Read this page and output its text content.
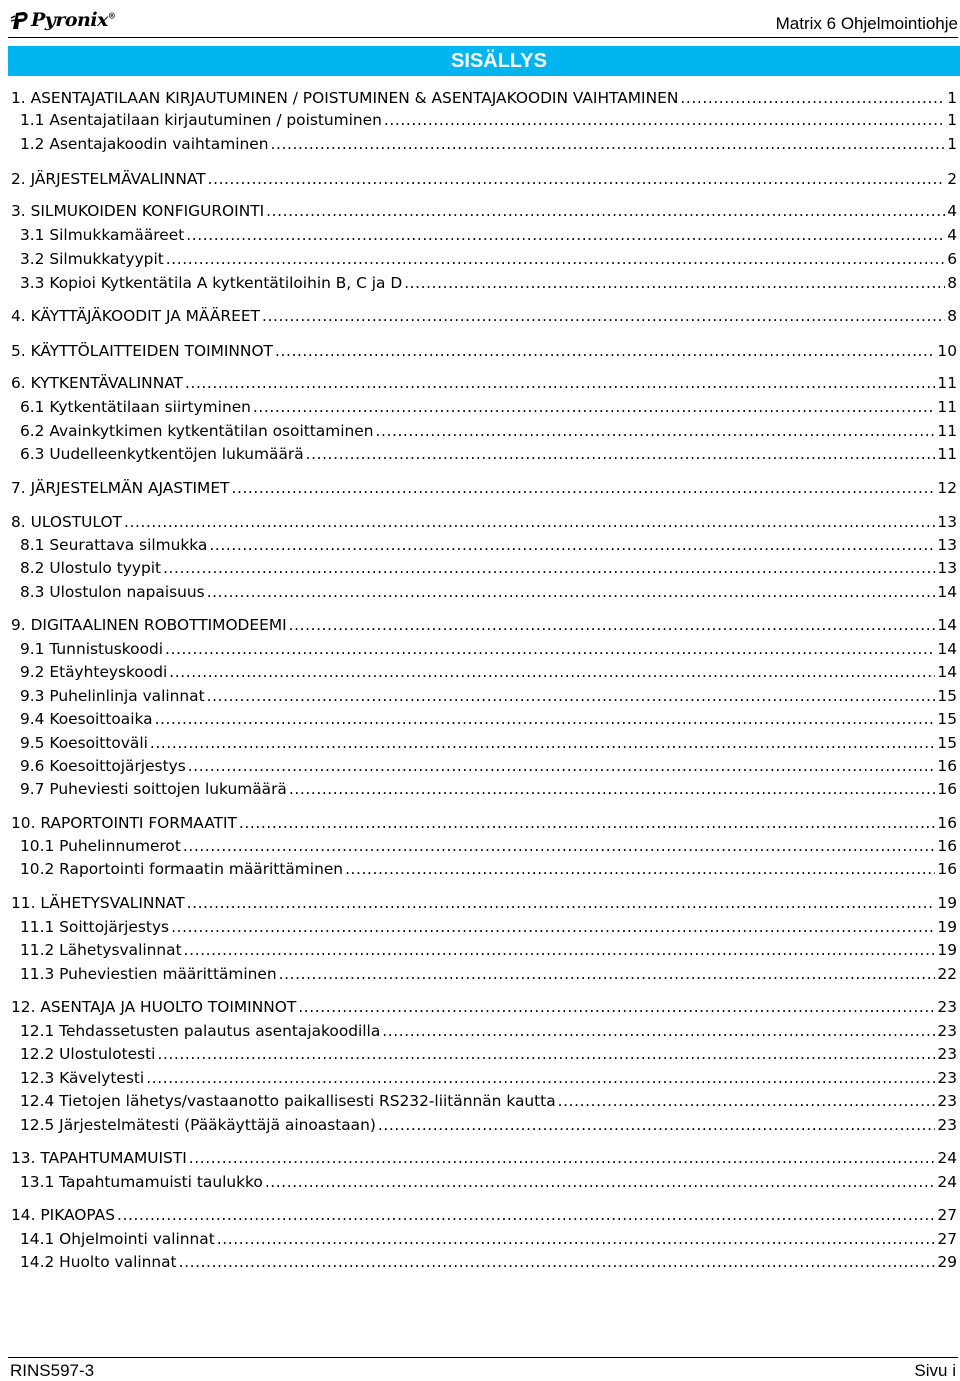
Pyronix®	Matrix 6 Ohjelmointiohje
SISÄLLYS
1. ASENTAJATILAAN KIRJAUTUMINEN / POISTUMINEN & ASENTAJAKOODIN VAIHTAMINEN .....	1
1.1 Asentajatilaan kirjautuminen / poistuminen .....	1
1.2 Asentajakoodin vaihtaminen .....	1
2. JÄRJESTELMÄVALINNAT .....	2
3. SILMUKOIDEN KONFIGUROINTI .....	4
3.1 Silmukkamääreet .....	4
3.2 Silmukkatyypit .....	6
3.3 Kopioi Kytkentätila A kytkentätiloihin B, C ja D .....	8
4. KÄYTTÄJÄKOODIT JA MÄÄREET .....	8
5. KÄYTTÖLAITTEIDEN TOIMINNOT .....	10
6. KYTKENTÄVALINNAT .....	11
6.1 Kytkentätilaan siirtyminen .....	11
6.2 Avainkytkimen kytkentätilan osoittaminen .....	11
6.3 Uudelleenkytkentöjen lukumäärä .....	11
7. JÄRJESTELMÄN AJASTIMET .....	12
8. ULOSTULOT .....	13
8.1 Seurattava silmukka .....	13
8.2 Ulostulo tyypit .....	13
8.3 Ulostulon napaisuus .....	14
9. DIGITAALINEN ROBOTTIMODEEMI .....	14
9.1 Tunnistuskoodi .....	14
9.2 Etäyhteyskoodi .....	14
9.3 Puhelinlinja valinnat .....	15
9.4 Koesoittoaika .....	15
9.5 Koesoittoväli .....	15
9.6 Koesoittojärjestys .....	16
9.7 Puheviesti soittojen lukumäärä .....	16
10. RAPORTOINTI FORMAATIT .....	16
10.1 Puhelinnumerot .....	16
10.2 Raportointi formaatin määrittäminen .....	16
11. LÄHETYSVALINNAT .....	19
11.1 Soittojärjestys .....	19
11.2 Lähetysvalinnat .....	19
11.3 Puheviestien määrittäminen .....	22
12. ASENTAJA JA HUOLTO TOIMINNOT .....	23
12.1 Tehdassetusten palautus asentajakoodilla .....	23
12.2 Ulostulotesti .....	23
12.3 Kävelytesti .....	23
12.4 Tietojen lähetys/vastaanotto paikallisesti RS232-liitännän kautta .....	23
12.5 Järjestelmätesti (Pääkäyttäjä ainoastaan) .....	23
13. TAPAHTUMAMUISTI .....	24
13.1 Tapahtumamuisti taulukko .....	24
14. PIKAOPAS .....	27
14.1 Ohjelmointi valinnat .....	27
14.2 Huolto valinnat .....	29
RINS597-3	Sivu i
